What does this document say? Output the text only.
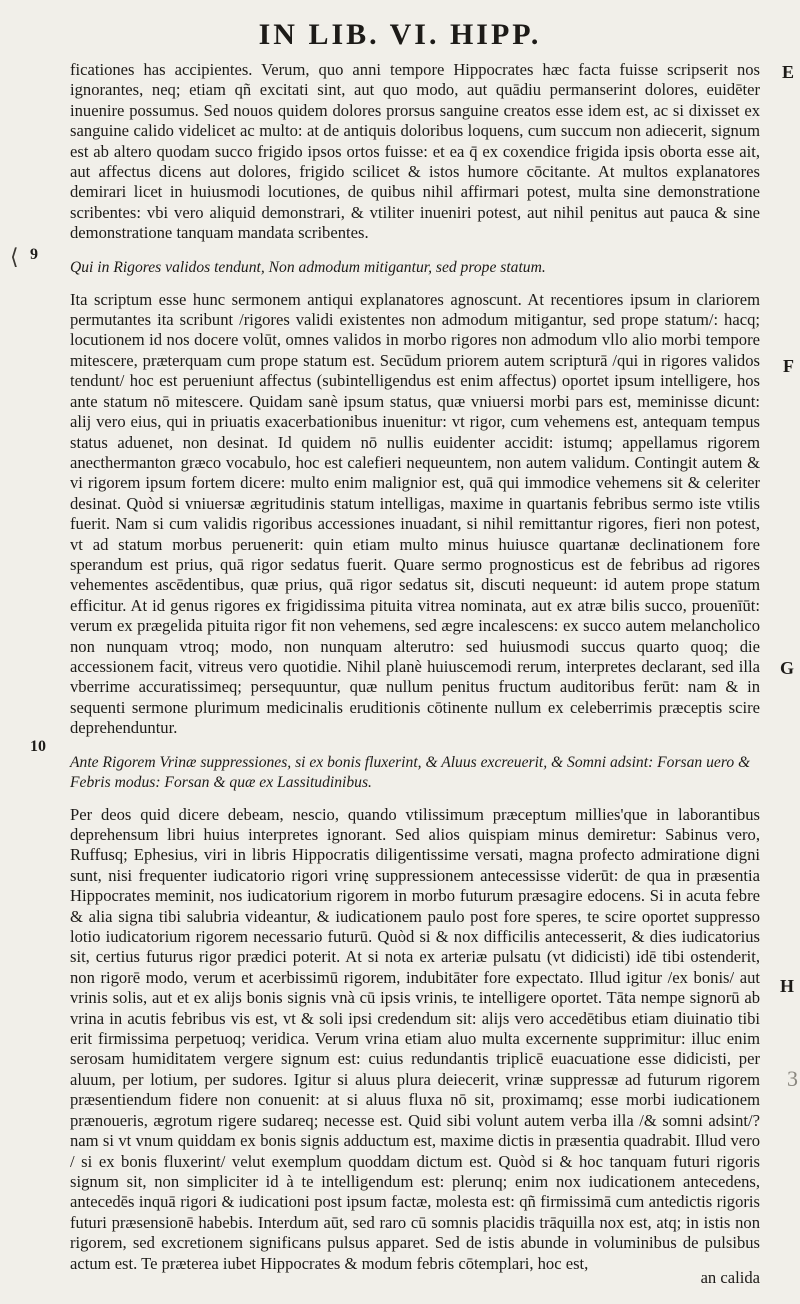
IN LIB. VI. HIPP.
E
F
G
H
⟨ 9
10
3

ficationes has accipientes. Verum, quo anni tempore Hippocrates hæc facta fuisse scripserit nos ignorantes, neq; etiam qñ excitati sint, aut quo modo, aut quādiu permanserint dolores, euidēter inuenire possumus. Sed nouos quidem dolores prorsus sanguine creatos esse idem est, ac si dixisset ex sanguine calido videlicet ac multo: at de antiquis doloribus loquens, cum succum non adiecerit, signum est ab altero quodam succo frigido ipsos ortos fuisse: et ea q̄ ex coxendice frigida ipsis oborta esse ait, aut affectus dicens aut dolores, frigido scilicet & istos humore cōcitante. At multos explanatores demirari licet in huiusmodi locutiones, de quibus nihil affirmari potest, multa sine demonstratione scribentes: vbi vero aliquid demonstrari, & vtiliter inueniri potest, aut nihil penitus aut pauca & sine demonstratione tanquam mandata scribentes.

Qui in Rigores validos tendunt, Non admodum mitigantur, sed prope statum.

Ita scriptum esse hunc sermonem antiqui explanatores agnoscunt. At recentiores ipsum in clariorem permutantes ita scribunt /rigores validi existentes non admodum mitigantur, sed prope statum/: hacq; locutionem id nos docere volūt, omnes validos in morbo rigores non admodum vllo alio morbi tempore mitescere, præterquam cum prope statum est. Secūdum priorem autem scripturā /qui in rigores validos tendunt/ hoc est perueniunt affectus (subintelligendus est enim affectus) oportet ipsum intelligere, hos ante statum nō mitescere. Quidam sanè ipsum status, quæ vniuersi morbi pars est, meminisse dicunt: alij vero eius, qui in priuatis exacerbationibus inuenitur: vt rigor, cum vehemens est, antequam tempus status aduenet, non desinat. Id quidem nō nullis euidenter accidit: istumq; appellamus rigorem anecthermanton græco vocabulo, hoc est calefieri nequeuntem, non autem validum. Contingit autem & vi rigorem ipsum fortem dicere: multo enim malignior est, quā qui immodice vehemens sit & celeriter desinat. Quòd si vniuersæ ægritudinis statum intelligas, maxime in quartanis febribus sermo iste vtilis fuerit. Nam si cum validis rigoribus accessiones inuadant, si nihil remittantur rigores, fieri non potest, vt ad statum morbus peruenerit: quin etiam multo minus huiusce quartanæ declinationem fore sperandum est prius, quā rigor sedatus fuerit. Quare sermo prognosticus est de febribus ad rigores vehementes ascēdentibus, quæ prius, quā rigor sedatus sit, discuti nequeunt: id autem prope statum efficitur. At id genus rigores ex frigidissima pituita vitrea nominata, aut ex atræ bilis succo, prouenīūt: verum ex prægelida pituita rigor fit non vehemens, sed ægre incalescens: ex succo autem melancholico non nunquam vtroq; modo, non nunquam alterutro: sed huiusmodi succus quarto quoq; die accessionem facit, vitreus vero quotidie. Nihil planè huiuscemodi rerum, interpretes declarant, sed illa vberrime accuratissimeq; persequuntur, quæ nullum penitus fructum auditoribus ferūt: nam & in sequenti sermone plurimum medicinalis eruditionis cōtinente nullum ex celeberrimis præceptis scire deprehenduntur.

Ante Rigorem Vrinæ suppressiones, si ex bonis fluxerint, & Aluus excreuerit, & Somni adsint: Forsan uero & Febris modus: Forsan & quæ ex Lassitudinibus.

Per deos quid dicere debeam, nescio, quando vtilissimum præceptum millies'que in laborantibus deprehensum libri huius interpretes ignorant. Sed alios quispiam minus demiretur: Sabinus vero, Ruffusq; Ephesius, viri in libris Hippocratis diligentissime versati, magna profecto admiratione digni sunt, nisi frequenter iudicatorio rigori vrinę suppressionem antecessisse viderūt: de qua in præsentia Hippocrates meminit, nos iudicatorium rigorem in morbo futurum præsagire edocens. Si in acuta febre & alia signa tibi salubria videantur, & iudicationem paulo post fore speres, te scire oportet suppresso lotio iudicatorium rigorem necessario futurū. Quòd si & nox difficilis antecesserit, & dies iudicatorius sit, certius futurus rigor prædici poterit. At si nota ex arteriæ pulsatu (vt didicisti) idē tibi ostenderit, non rigorē modo, verum et acerbissimū rigorem, indubitāter fore expectato. Illud igitur /ex bonis/ aut vrinis solis, aut et ex alijs bonis signis vnà cū ipsis vrinis, te intelligere oportet. Tāta nempe signorū ab vrina in acutis febribus vis est, vt & soli ipsi credendum sit: alijs vero accedētibus etiam diuinatio tibi erit firmissima perpetuoq; veridica. Verum vrina etiam aluo multa excernente supprimitur: illuc enim serosam humiditatem vergere signum est: cuius redundantis triplicē euacuatione esse didicisti, per aluum, per lotium, per sudores. Igitur si aluus plura deiecerit, vrinæ suppressæ ad futurum rigorem præsentiendum fidere non conuenit: at si aluus fluxa nō sit, proximamq; esse morbi iudicationem prænoueris, ægrotum rigere sudareq; necesse est. Quid sibi volunt autem verba illa /& somni adsint/? nam si vt vnum quiddam ex bonis signis adductum est, maxime dictis in præsentia quadrabit. Illud vero / si ex bonis fluxerint/ velut exemplum quoddam dictum est. Quòd si & hoc tanquam futuri rigoris signum sit, non simpliciter id à te intelligendum est: plerunq; enim nox iudicationem antecedens, antecedēs inquā rigori & iudicationi post ipsum factæ, molesta est: qñ firmissimā cum antedictis rigoris futuri præsensionē habebis. Interdum aūt, sed raro cū somnis placidis trāquilla nox est, atq; in istis non rigorem, sed excretionem significans pulsus apparet. Sed de istis abunde in voluminibus de pulsibus actum est. Te præterea iubet Hippocrates & modum febris cōtemplari, hoc est,

an calida
